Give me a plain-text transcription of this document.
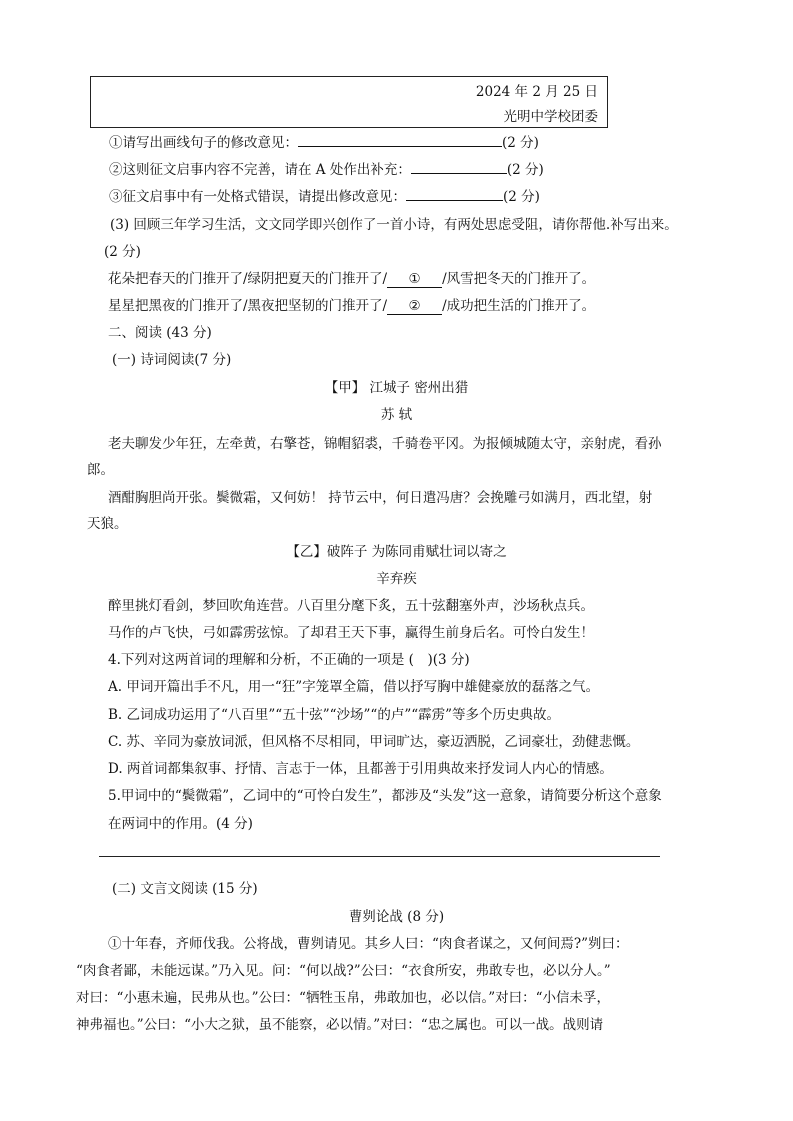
2024 年 2 月 25 日
光明中学校团委
①请写出画线句子的修改意见：	(2 分)
②这则征文启事内容不完善，请在 A 处作出补充：	(2 分)
③征文启事中有一处格式错误，请提出修改意见：	(2 分)
(3) 回顾三年学习生活，文文同学即兴创作了一首小诗，有两处思虑受阻，请你帮他.补写出来。
(2 分)
花朵把春天的门推开了/绿阴把夏天的门推开了/ ① /风雪把冬天的门推开了。
星星把黑夜的门推开了/黑夜把坚韧的门推开了/ ② /成功把生活的门推开了。
二、阅读 (43 分)
(一) 诗词阅读(7 分)
【甲】 江城子 密州出猎
苏 轼
老夫聊发少年狂，左牵黄，右擎苍，锦帽貂裘，千骑卷平冈。为报倾城随太守，亲射虎，看孙
郎。
酒酣胸胆尚开张。鬓微霜，又何妨！ 持节云中，何日遣冯唐？会挽雕弓如满月，西北望，射
天狼。
【乙】破阵子 为陈同甫赋壮词以寄之
辛弃疾
醉里挑灯看剑，梦回吹角连营。八百里分麾下炙，五十弦翻塞外声，沙场秋点兵。
马作的卢飞快，弓如霹雳弦惊。了却君王天下事，赢得生前身后名。可怜白发生！
4.下列对这两首词的理解和分析，不正确的一项是 (　)(3 分)
A. 甲词开篇出手不凡，用一“狂”字笼罩全篇，借以抒写胸中雄健豪放的磊落之气。
B. 乙词成功运用了“八百里”“五十弦”“沙场”“的卢”“霹雳”等多个历史典故。
C. 苏、辛同为豪放词派，但风格不尽相同，甲词旷达，豪迈洒脱，乙词豪壮，劲健悲慨。
D. 两首词都集叙事、抒情、言志于一体，且都善于引用典故来抒发词人内心的情感。
5.甲词中的“鬓微霜”，乙词中的“可怜白发生”，都涉及“头发”这一意象，请简要分析这个意象
在两词中的作用。(4 分)
(二) 文言文阅读 (15 分)
曹刿论战 (8 分)
①十年春，齐师伐我。公将战，曹刿请见。其乡人曰：“肉食者谋之，又何间焉?”刿曰：
“肉食者鄙，未能远谋。”乃入见。问：“何以战?”公曰：“衣食所安，弗敢专也，必以分人。”
对曰：“小惠未遍，民弗从也。”公曰：“牺牲玉帛，弗敢加也，必以信。”对曰：“小信未孚，
神弗福也。”公曰：“小大之狱，虽不能察，必以情。”对曰：“忠之属也。可以一战。战则请
